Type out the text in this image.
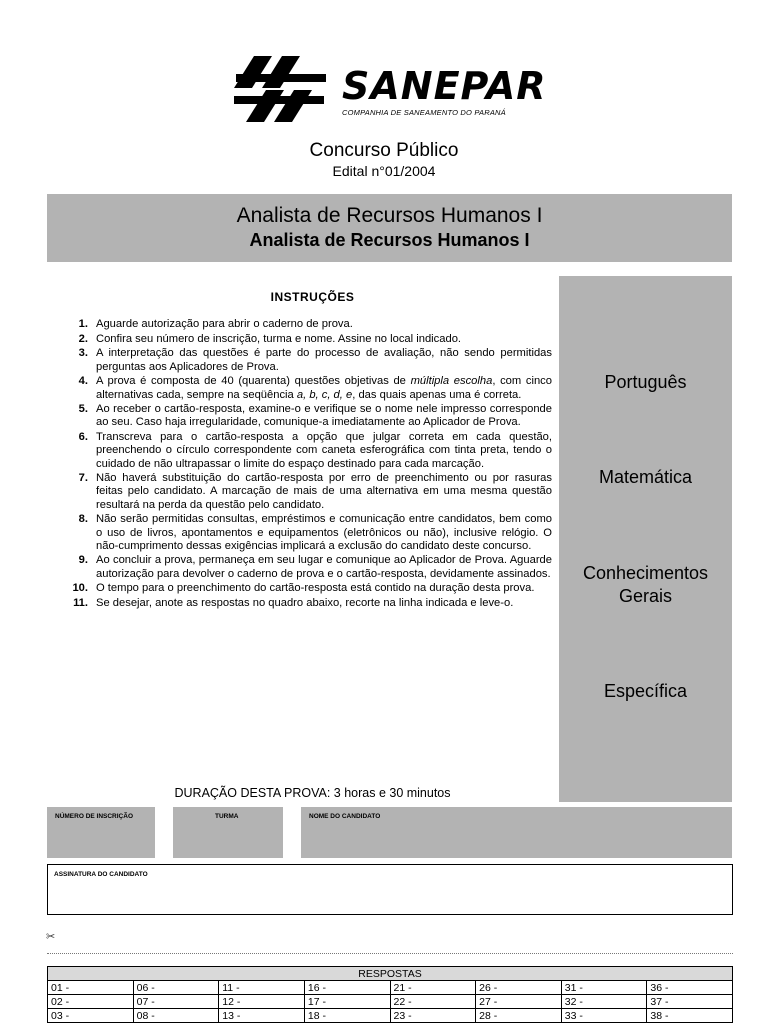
SANEPAR
COMPANHIA DE SANEAMENTO DO PARANÁ
Concurso Público
Edital n°01/2004
Analista de Recursos Humanos I
Analista de Recursos Humanos I
INSTRUÇÕES
1. Aguarde autorização para abrir o caderno de prova.
2. Confira seu número de inscrição, turma e nome. Assine no local indicado.
3. A interpretação das questões é parte do processo de avaliação, não sendo permitidas perguntas aos Aplicadores de Prova.
4. A prova é composta de 40 (quarenta) questões objetivas de múltipla escolha, com cinco alternativas cada, sempre na seqüência a, b, c, d, e, das quais apenas uma é correta.
5. Ao receber o cartão-resposta, examine-o e verifique se o nome nele impresso corresponde ao seu. Caso haja irregularidade, comunique-a imediatamente ao Aplicador de Prova.
6. Transcreva para o cartão-resposta a opção que julgar correta em cada questão, preenchendo o círculo correspondente com caneta esferográfica com tinta preta, tendo o cuidado de não ultrapassar o limite do espaço destinado para cada marcação.
7. Não haverá substituição do cartão-resposta por erro de preenchimento ou por rasuras feitas pelo candidato. A marcação de mais de uma alternativa em uma mesma questão resultará na perda da questão pelo candidato.
8. Não serão permitidas consultas, empréstimos e comunicação entre candidatos, bem como o uso de livros, apontamentos e equipamentos (eletrônicos ou não), inclusive relógio. O não-cumprimento dessas exigências implicará a exclusão do candidato deste concurso.
9. Ao concluir a prova, permaneça em seu lugar e comunique ao Aplicador de Prova. Aguarde autorização para devolver o caderno de prova e o cartão-resposta, devidamente assinados.
10. O tempo para o preenchimento do cartão-resposta está contido na duração desta prova.
11. Se desejar, anote as respostas no quadro abaixo, recorte na linha indicada e leve-o.
Português
Matemática
Conhecimentos
Gerais
Específica
DURAÇÃO DESTA PROVA: 3 horas e 30 minutos
NÚMERO DE INSCRIÇÃO	TURMA	NOME DO CANDIDATO
ASSINATURA DO CANDIDATO
✂
RESPOSTAS							
01 -	06 -	11 -	16 -	21 -	26 -	31 -	36 -
02 -	07 -	12 -	17 -	22 -	27 -	32 -	37 -
03 -	08 -	13 -	18 -	23 -	28 -	33 -	38 -
